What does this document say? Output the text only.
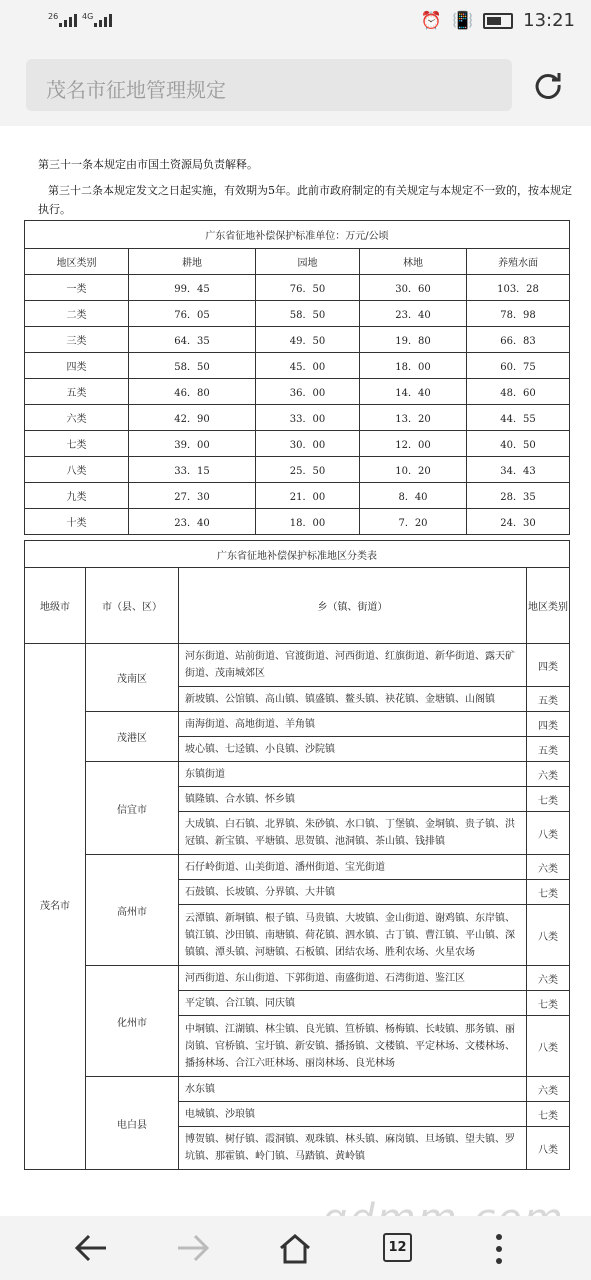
26	4G	⏰ 📳	13:21
茂名市征地管理规定
第三十一条本规定由市国土资源局负责解释。
第三十二条本规定发文之日起实施，有效期为5年。此前市政府制定的有关规定与本规定不一致的，按本规定执行。
广东省征地补偿保护标准单位：万元/公顷				
地区类别	耕地	园地	林地	养殖水面
一类	99．45	76．50	30．60	103．28
二类	76．05	58．50	23．40	78．98
三类	64．35	49．50	19．80	66．83
四类	58．50	45．00	18．00	60．75
五类	46．80	36．00	14．40	48．60
六类	42．90	33．00	13．20	44．55
七类	39．00	30．00	12．00	40．50
八类	33．15	25．50	10．20	34．43
九类	27．30	21．00	8．40	28．35
十类	23．40	18．00	7．20	24．30
广东省征地补偿保护标准地区分类表			
地级市	市（县、区）	乡（镇、街道）	地区类别
茂名市	茂南区	河东街道、站前街道、官渡街道、河西街道、红旗街道、新华街道、露天矿街道、茂南城郊区	四类
		新坡镇、公馆镇、高山镇、镇盛镇、鳌头镇、袂花镇、金塘镇、山阁镇	五类
	茂港区	南海街道、高地街道、羊角镇	四类
		坡心镇、七迳镇、小良镇、沙院镇	五类
	信宜市	东镇街道	六类
		镇隆镇、合水镇、怀乡镇	七类
		大成镇、白石镇、北界镇、朱砂镇、水口镇、丁堡镇、金垌镇、贵子镇、洪冠镇、新宝镇、平塘镇、思贺镇、池洞镇、茶山镇、钱排镇	八类
	高州市	石仔岭街道、山美街道、潘州街道、宝光街道	六类
		石鼓镇、长坡镇、分界镇、大井镇	七类
		云潭镇、新垌镇、根子镇、马贵镇、大坡镇、金山街道、谢鸡镇、东岸镇、镇江镇、沙田镇、南塘镇、荷花镇、泗水镇、古丁镇、曹江镇、平山镇、深镇镇、潭头镇、河塘镇、石板镇、团结农场、胜利农场、火星农场	八类
	化州市	河西街道、东山街道、下郭街道、南盛街道、石湾街道、鉴江区	六类
		平定镇、合江镇、同庆镇	七类
		中垌镇、江湖镇、林尘镇、良光镇、笪桥镇、杨梅镇、长岐镇、那务镇、丽岗镇、官桥镇、宝圩镇、新安镇、播扬镇、文楼镇、平定林场、文楼林场、播扬林场、合江六旺林场、丽岗林场、良光林场	八类
	电白县	水东镇	六类
		电城镇、沙琅镇	七类
		博贺镇、树仔镇、霞洞镇、观珠镇、林头镇、麻岗镇、旦场镇、望夫镇、罗坑镇、那霍镇、岭门镇、马踏镇、黄岭镇	八类
12
